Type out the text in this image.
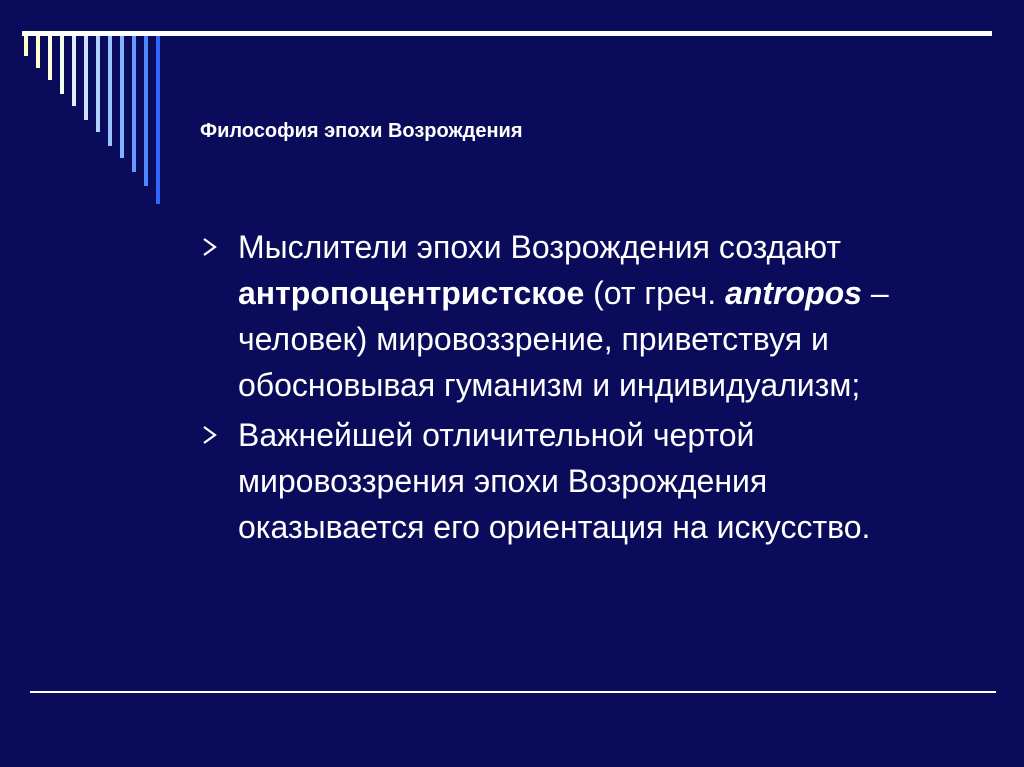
Философия эпохи Возрождения
Мыслители эпохи Возрождения создают антропоцентристское (от греч. antropos – человек) мировоззрение, приветствуя и обосновывая гуманизм и индивидуализм;
Важнейшей отличительной чертой мировоззрения эпохи Возрождения оказывается его ориентация на искусство.
